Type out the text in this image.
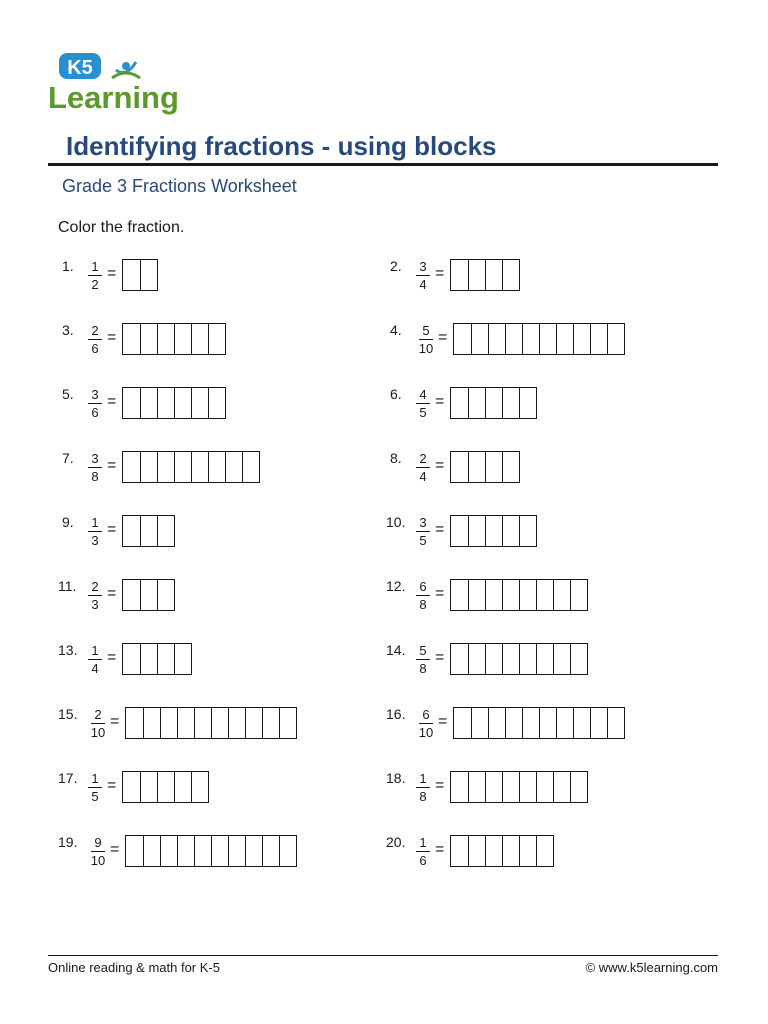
K5
Learning
Identifying fractions - using blocks
Grade 3 Fractions Worksheet
Color the fraction.
1.	1
2
=	2.	3
4
=
3.	2
6
=	4.	5
10
=
5.	3
6
=	6.	4
5
=
7.	3
8
=	8.	2
4
=
9.	1
3
=	10.	3
5
=
11.	2
3
=	12.	6
8
=
13.	1
4
=	14.	5
8
=
15.	2
10
=	16.	6
10
=
17.	1
5
=	18.	1
8
=
19.	9
10
=	20.	1
6
=
Online reading & math for K-5	© www.k5learning.com
